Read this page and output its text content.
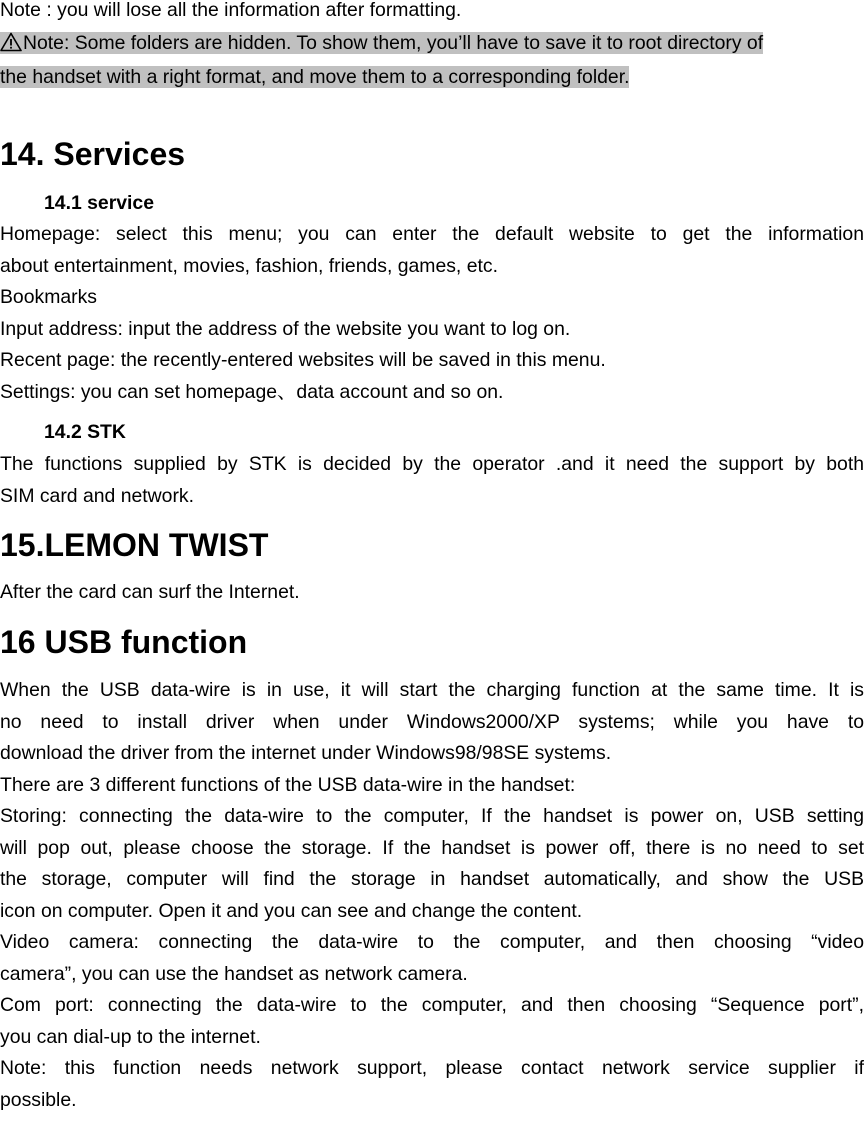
Note : you will lose all the information after formatting.

Note: Some folders are hidden. To show them, you’ll have to save it to root directory of
the handset with a right format, and move them to a corresponding folder.
14. Services
14.1 service

Homepage: select this menu; you can enter the default website to get the information

about entertainment, movies, fashion, friends, games, etc.

Bookmarks

Input address: input the address of the website you want to log on.

Recent page: the recently-entered websites will be saved in this menu.

Settings: you can set homepage、data account and so on.

14.2 STK

The functions supplied by STK is decided by the operator .and it need the support by both

SIM card and network.

15.LEMON TWIST

After the card can surf the Internet.

16 USB function

When the USB data-wire is in use, it will start the charging function at the same time. It is

no need to install driver when under Windows2000/XP systems; while you have to

download the driver from the internet under Windows98/98SE systems.

There are 3 different functions of the USB data-wire in the handset:

Storing: connecting the data-wire to the computer, If the handset is power on, USB setting

will pop out, please choose the storage. If the handset is power off, there is no need to set

the storage, computer will find the storage in handset automatically, and show the USB

icon on computer. Open it and you can see and change the content.

Video camera: connecting the data-wire to the computer, and then choosing “video

camera”, you can use the handset as network camera.

Com port: connecting the data-wire to the computer, and then choosing “Sequence port”,

you can dial-up to the internet.

Note: this function needs network support, please contact network service supplier if

possible.
